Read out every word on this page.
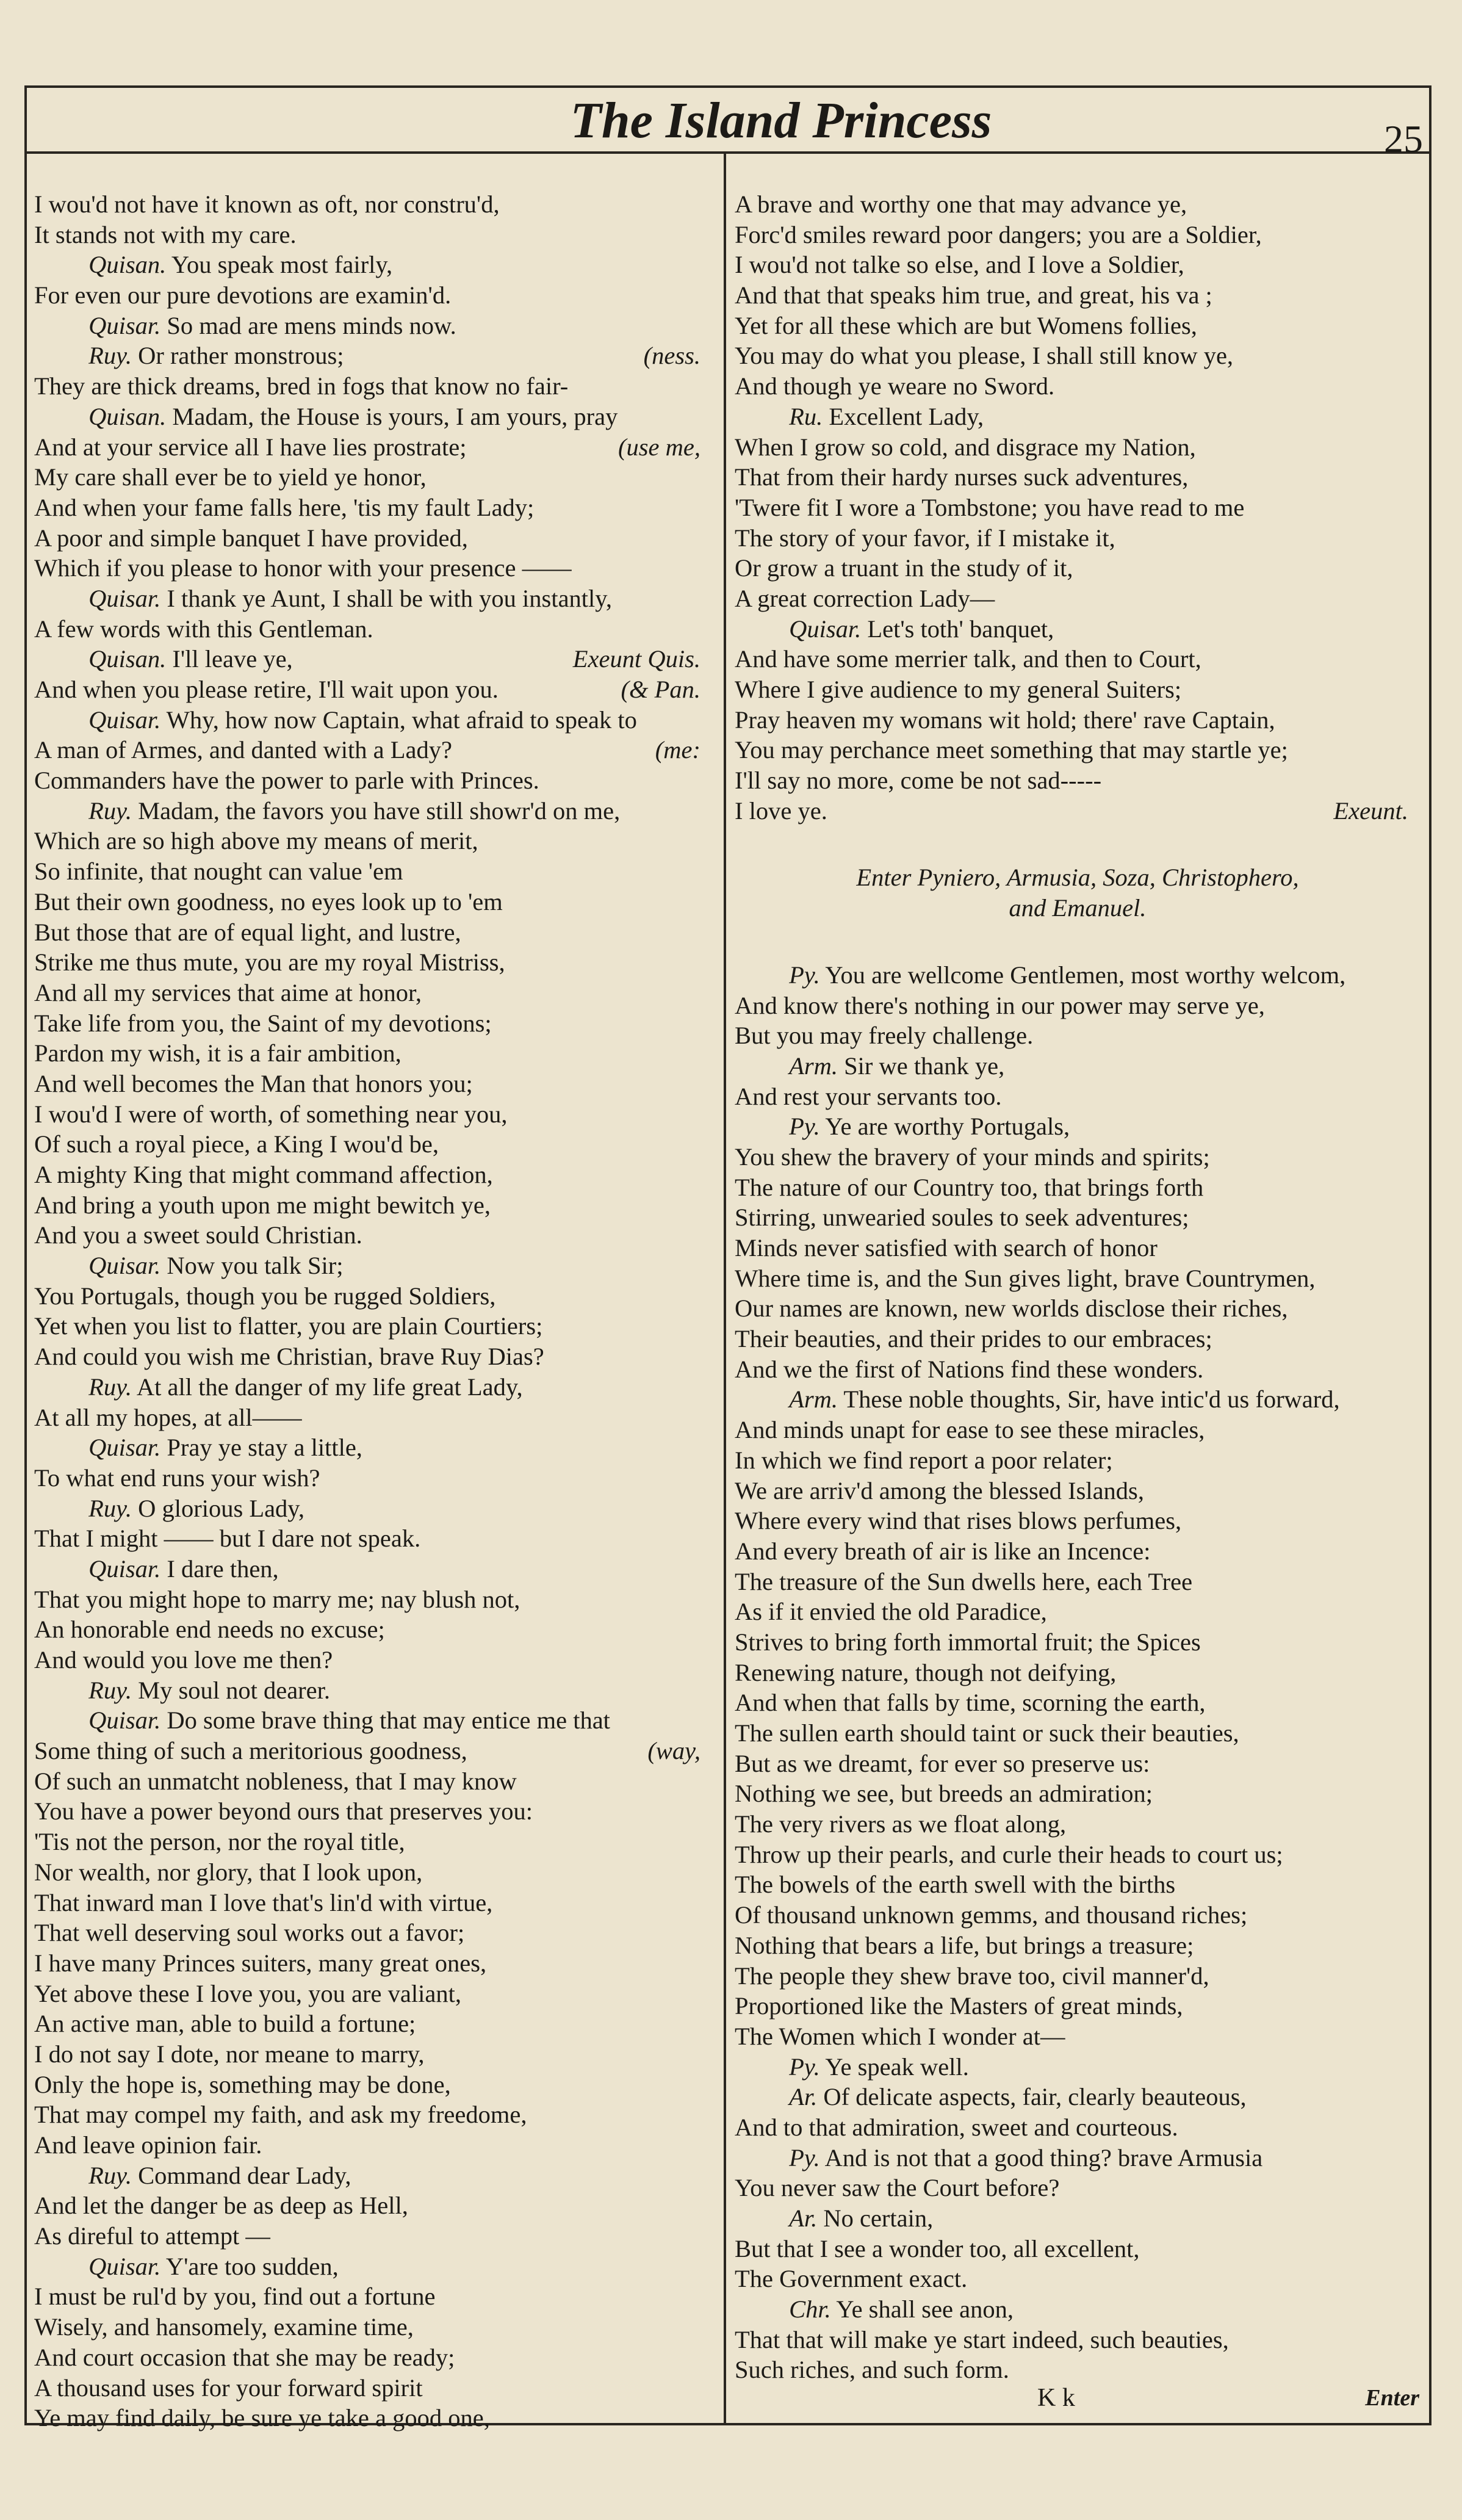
The Island Princess	25
I wou'd not have it known as oft, nor constru'd,
It stands not with my care.
Quisan. You speak most fairly,
For even our pure devotions are examin'd.
Quisar. So mad are mens minds now.
Ruy. Or rather monstrous;	(ness.
They are thick dreams, bred in fogs that know no fair-
Quisan. Madam, the House is yours, I am yours, pray
And at your service all I have lies prostrate;	(use me,
My care shall ever be to yield ye honor,
And when your fame falls here, 'tis my fault Lady;
A poor and simple banquet I have provided,
Which if you please to honor with your presence ——
Quisar. I thank ye Aunt, I shall be with you instantly,
A few words with this Gentleman.
Quisan. I'll leave ye,	Exeunt Quis.
And when you please retire, I'll wait upon you.	(& Pan.
Quisar. Why, how now Captain, what afraid to speak to
A man of Armes, and danted with a Lady?	(me:
Commanders have the power to parle with Princes.
Ruy. Madam, the favors you have still showr'd on me,
Which are so high above my means of merit,
So infinite, that nought can value 'em
But their own goodness, no eyes look up to 'em
But those that are of equal light, and lustre,
Strike me thus mute, you are my royal Mistriss,
And all my services that aime at honor,
Take life from you, the Saint of my devotions;
Pardon my wish, it is a fair ambition,
And well becomes the Man that honors you;
I wou'd I were of worth, of something near you,
Of such a royal piece, a King I wou'd be,
A mighty King that might command affection,
And bring a youth upon me might bewitch ye,
And you a sweet sould Christian.
Quisar. Now you talk Sir;
You Portugals, though you be rugged Soldiers,
Yet when you list to flatter, you are plain Courtiers;
And could you wish me Christian, brave Ruy Dias?
Ruy. At all the danger of my life great Lady,
At all my hopes, at all——
Quisar. Pray ye stay a little,
To what end runs your wish?
Ruy. O glorious Lady,
That I might —— but I dare not speak.
Quisar. I dare then,
That you might hope to marry me; nay blush not,
An honorable end needs no excuse;
And would you love me then?
Ruy. My soul not dearer.
Quisar. Do some brave thing that may entice me that
Some thing of such a meritorious goodness,	(way,
Of such an unmatcht nobleness, that I may know
You have a power beyond ours that preserves you:
'Tis not the person, nor the royal title,
Nor wealth, nor glory, that I look upon,
That inward man I love that's lin'd with virtue,
That well deserving soul works out a favor;
I have many Princes suiters, many great ones,
Yet above these I love you, you are valiant,
An active man, able to build a fortune;
I do not say I dote, nor meane to marry,
Only the hope is, something may be done,
That may compel my faith, and ask my freedome,
And leave opinion fair.
Ruy. Command dear Lady,
And let the danger be as deep as Hell,
As direful to attempt —
Quisar. Y'are too sudden,
I must be rul'd by you, find out a fortune
Wisely, and hansomely, examine time,
And court occasion that she may be ready;
A thousand uses for your forward spirit
Ye may find daily, be sure ye take a good one,
A brave and worthy one that may advance ye,
Forc'd smiles reward poor dangers; you are a Soldier,
I wou'd not talke so else, and I love a Soldier,
And that that speaks him true, and great, his va ;
Yet for all these which are but Womens follies,
You may do what you please, I shall still know ye,
And though ye weare no Sword.
Ru. Excellent Lady,
When I grow so cold, and disgrace my Nation,
That from their hardy nurses suck adventures,
'Twere fit I wore a Tombstone; you have read to me
The story of your favor, if I mistake it,
Or grow a truant in the study of it,
A great correction Lady—
Quisar. Let's toth' banquet,
And have some merrier talk, and then to Court,
Where I give audience to my general Suiters;
Pray heaven my womans wit hold; there' rave Captain,
You may perchance meet something that may startle ye;
I'll say no more, come be not sad-----
I love ye.	Exeunt.
Enter Pyniero, Armusia, Soza, Christophero,
and Emanuel.
Py. You are wellcome Gentlemen, most worthy welcom,
And know there's nothing in our power may serve ye,
But you may freely challenge.
Arm. Sir we thank ye,
And rest your servants too.
Py. Ye are worthy Portugals,
You shew the bravery of your minds and spirits;
The nature of our Country too, that brings forth
Stirring, unwearied soules to seek adventures;
Minds never satisfied with search of honor
Where time is, and the Sun gives light, brave Countrymen,
Our names are known, new worlds disclose their riches,
Their beauties, and their prides to our embraces;
And we the first of Nations find these wonders.
Arm. These noble thoughts, Sir, have intic'd us forward,
And minds unapt for ease to see these miracles,
In which we find report a poor relater;
We are arriv'd among the blessed Islands,
Where every wind that rises blows perfumes,
And every breath of air is like an Incence:
The treasure of the Sun dwells here, each Tree
As if it envied the old Paradice,
Strives to bring forth immortal fruit; the Spices
Renewing nature, though not deifying,
And when that falls by time, scorning the earth,
The sullen earth should taint or suck their beauties,
But as we dreamt, for ever so preserve us:
Nothing we see, but breeds an admiration;
The very rivers as we float along,
Throw up their pearls, and curle their heads to court us;
The bowels of the earth swell with the births
Of thousand unknown gemms, and thousand riches;
Nothing that bears a life, but brings a treasure;
The people they shew brave too, civil manner'd,
Proportioned like the Masters of great minds,
The Women which I wonder at—
Py. Ye speak well.
Ar. Of delicate aspects, fair, clearly beauteous,
And to that admiration, sweet and courteous.
Py. And is not that a good thing? brave Armusia
You never saw the Court before?
Ar. No certain,
But that I see a wonder too, all excellent,
The Government exact.
Chr. Ye shall see anon,
That that will make ye start indeed, such beauties,
Such riches, and such form.
K k	Enter
